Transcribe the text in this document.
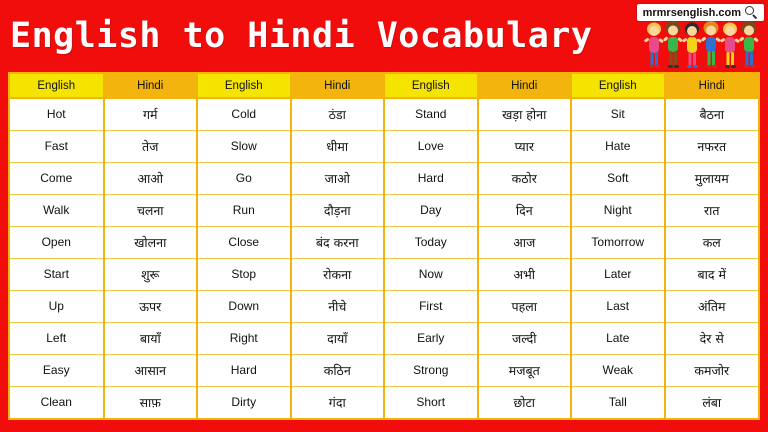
English to Hindi Vocabulary
mrmrsenglish.com
English	Hindi	English	Hindi	English	Hindi	English	Hindi
Hot	गर्म	Cold	ठंडा	Stand	खड़ा होना	Sit	बैठना
Fast	तेज	Slow	धीमा	Love	प्यार	Hate	नफरत
Come	आओ	Go	जाओ	Hard	कठोर	Soft	मुलायम
Walk	चलना	Run	दौड़ना	Day	दिन	Night	रात
Open	खोलना	Close	बंद करना	Today	आज	Tomorrow	कल
Start	शुरू	Stop	रोकना	Now	अभी	Later	बाद में
Up	ऊपर	Down	नीचे	First	पहला	Last	अंतिम
Left	बायाँ	Right	दायाँ	Early	जल्दी	Late	देर से
Easy	आसान	Hard	कठिन	Strong	मजबूत	Weak	कमजोर
Clean	साफ़	Dirty	गंदा	Short	छोटा	Tall	लंबा
